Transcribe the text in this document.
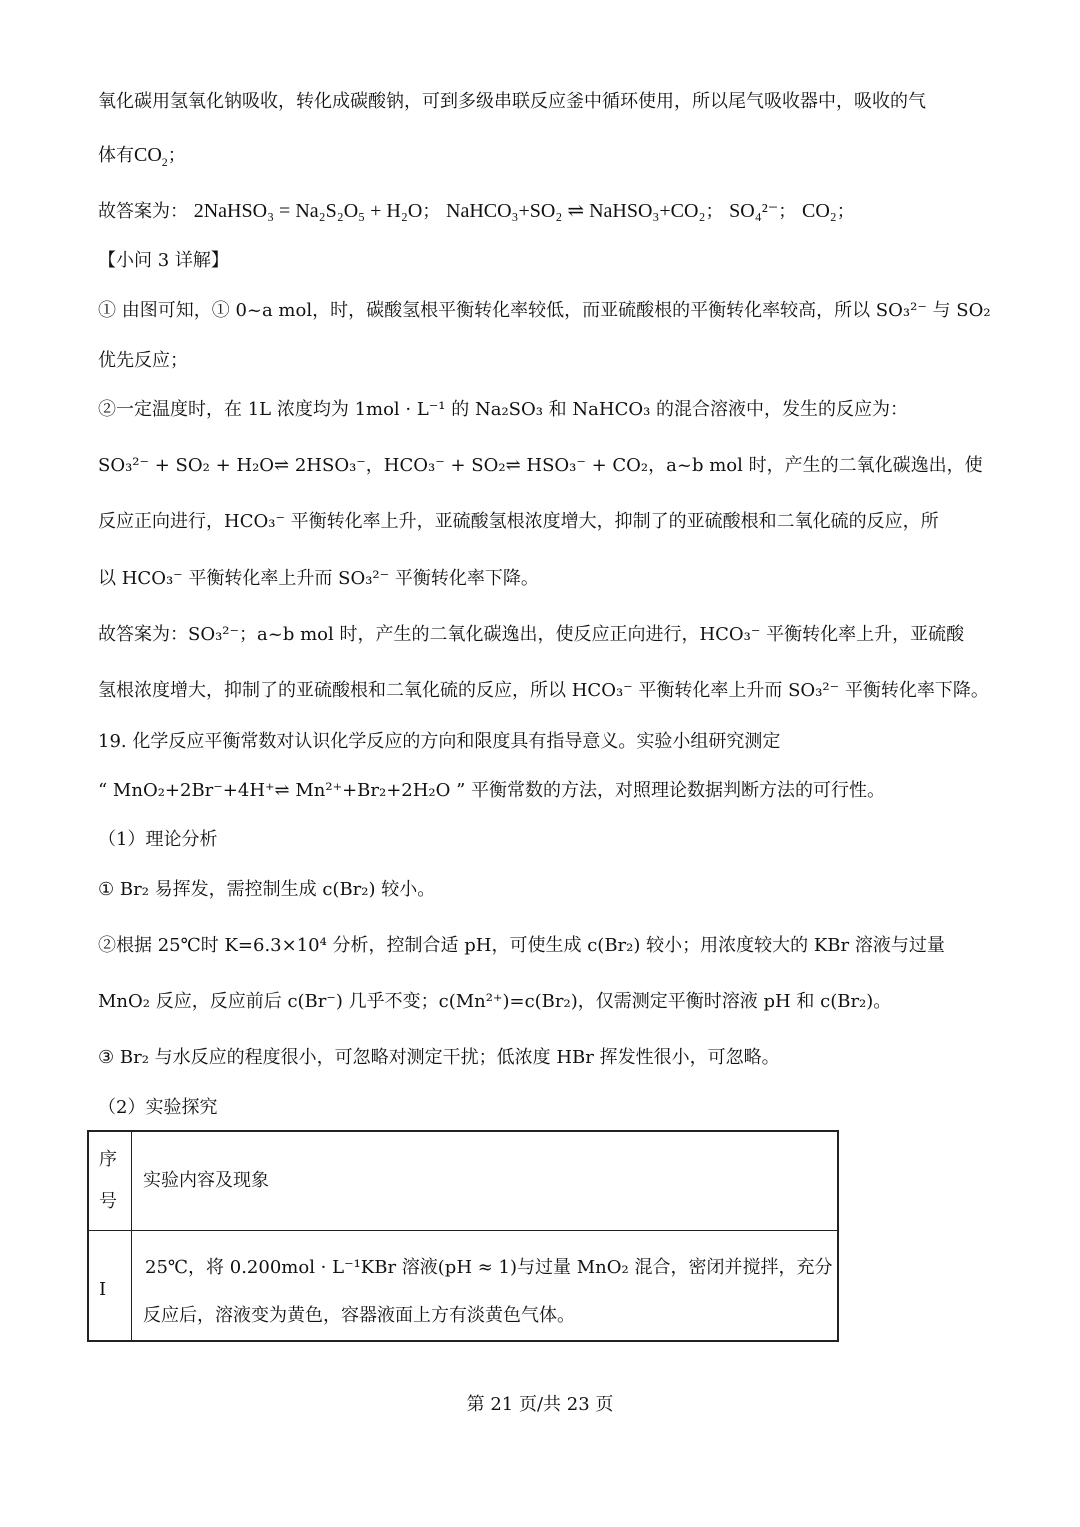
氧化碳用氢氧化钠吸收，转化成碳酸钠，可到多级串联反应釜中循环使用，所以尾气吸收器中，吸收的气
体有$CO_2$；
故答案为： 2NaHSO₃ = Na₂S₂O₅ + H₂O； NaHCO₃+SO₂ ⇌ NaHSO₃+CO₂； SO₄²⁻； CO₂；
【小问 3 详解】
① 由图可知，① 0~a mol，时，碳酸氢根平衡转化率较低，而亚硫酸根的平衡转化率较高，所以 SO₃²⁻ 与 SO₂
优先反应；
②一定温度时，在 1L 浓度均为 1mol · L⁻¹ 的 Na₂SO₃ 和 NaHCO₃ 的混合溶液中，发生的反应为：
SO₃²⁻ + SO₂ + H₂O⇌ 2HSO₃⁻，HCO₃⁻ + SO₂⇌ HSO₃⁻ + CO₂，a~b mol 时，产生的二氧化碳逸出，使
反应正向进行，HCO₃⁻ 平衡转化率上升，亚硫酸氢根浓度增大，抑制了的亚硫酸根和二氧化硫的反应，所
以 HCO₃⁻ 平衡转化率上升而 SO₃²⁻ 平衡转化率下降。
故答案为：SO₃²⁻；a~b mol 时，产生的二氧化碳逸出，使反应正向进行，HCO₃⁻ 平衡转化率上升，亚硫酸
氢根浓度增大，抑制了的亚硫酸根和二氧化硫的反应，所以 HCO₃⁻ 平衡转化率上升而 SO₃²⁻ 平衡转化率下降。
19. 化学反应平衡常数对认识化学反应的方向和限度具有指导意义。实验小组研究测定
“ MnO₂+2Br⁻+4H⁺⇌ Mn²⁺+Br₂+2H₂O ” 平衡常数的方法，对照理论数据判断方法的可行性。
（1）理论分析
① Br₂ 易挥发，需控制生成 c(Br₂) 较小。
②根据 25℃时 K=6.3×10⁴ 分析，控制合适 pH，可使生成 c(Br₂) 较小；用浓度较大的 KBr 溶液与过量
MnO₂ 反应，反应前后 c(Br⁻) 几乎不变；c(Mn²⁺)=c(Br₂)，仅需测定平衡时溶液 pH 和 c(Br₂)。
③ Br₂ 与水反应的程度很小，可忽略对测定干扰；低浓度 HBr 挥发性很小，可忽略。
（2）实验探究
序
号
实验内容及现象
I
25℃，将 0.200mol · L⁻¹KBr 溶液(pH ≈ 1)与过量 MnO₂ 混合，密闭并搅拌，充分
反应后，溶液变为黄色，容器液面上方有淡黄色气体。
第 21 页/共 23 页
